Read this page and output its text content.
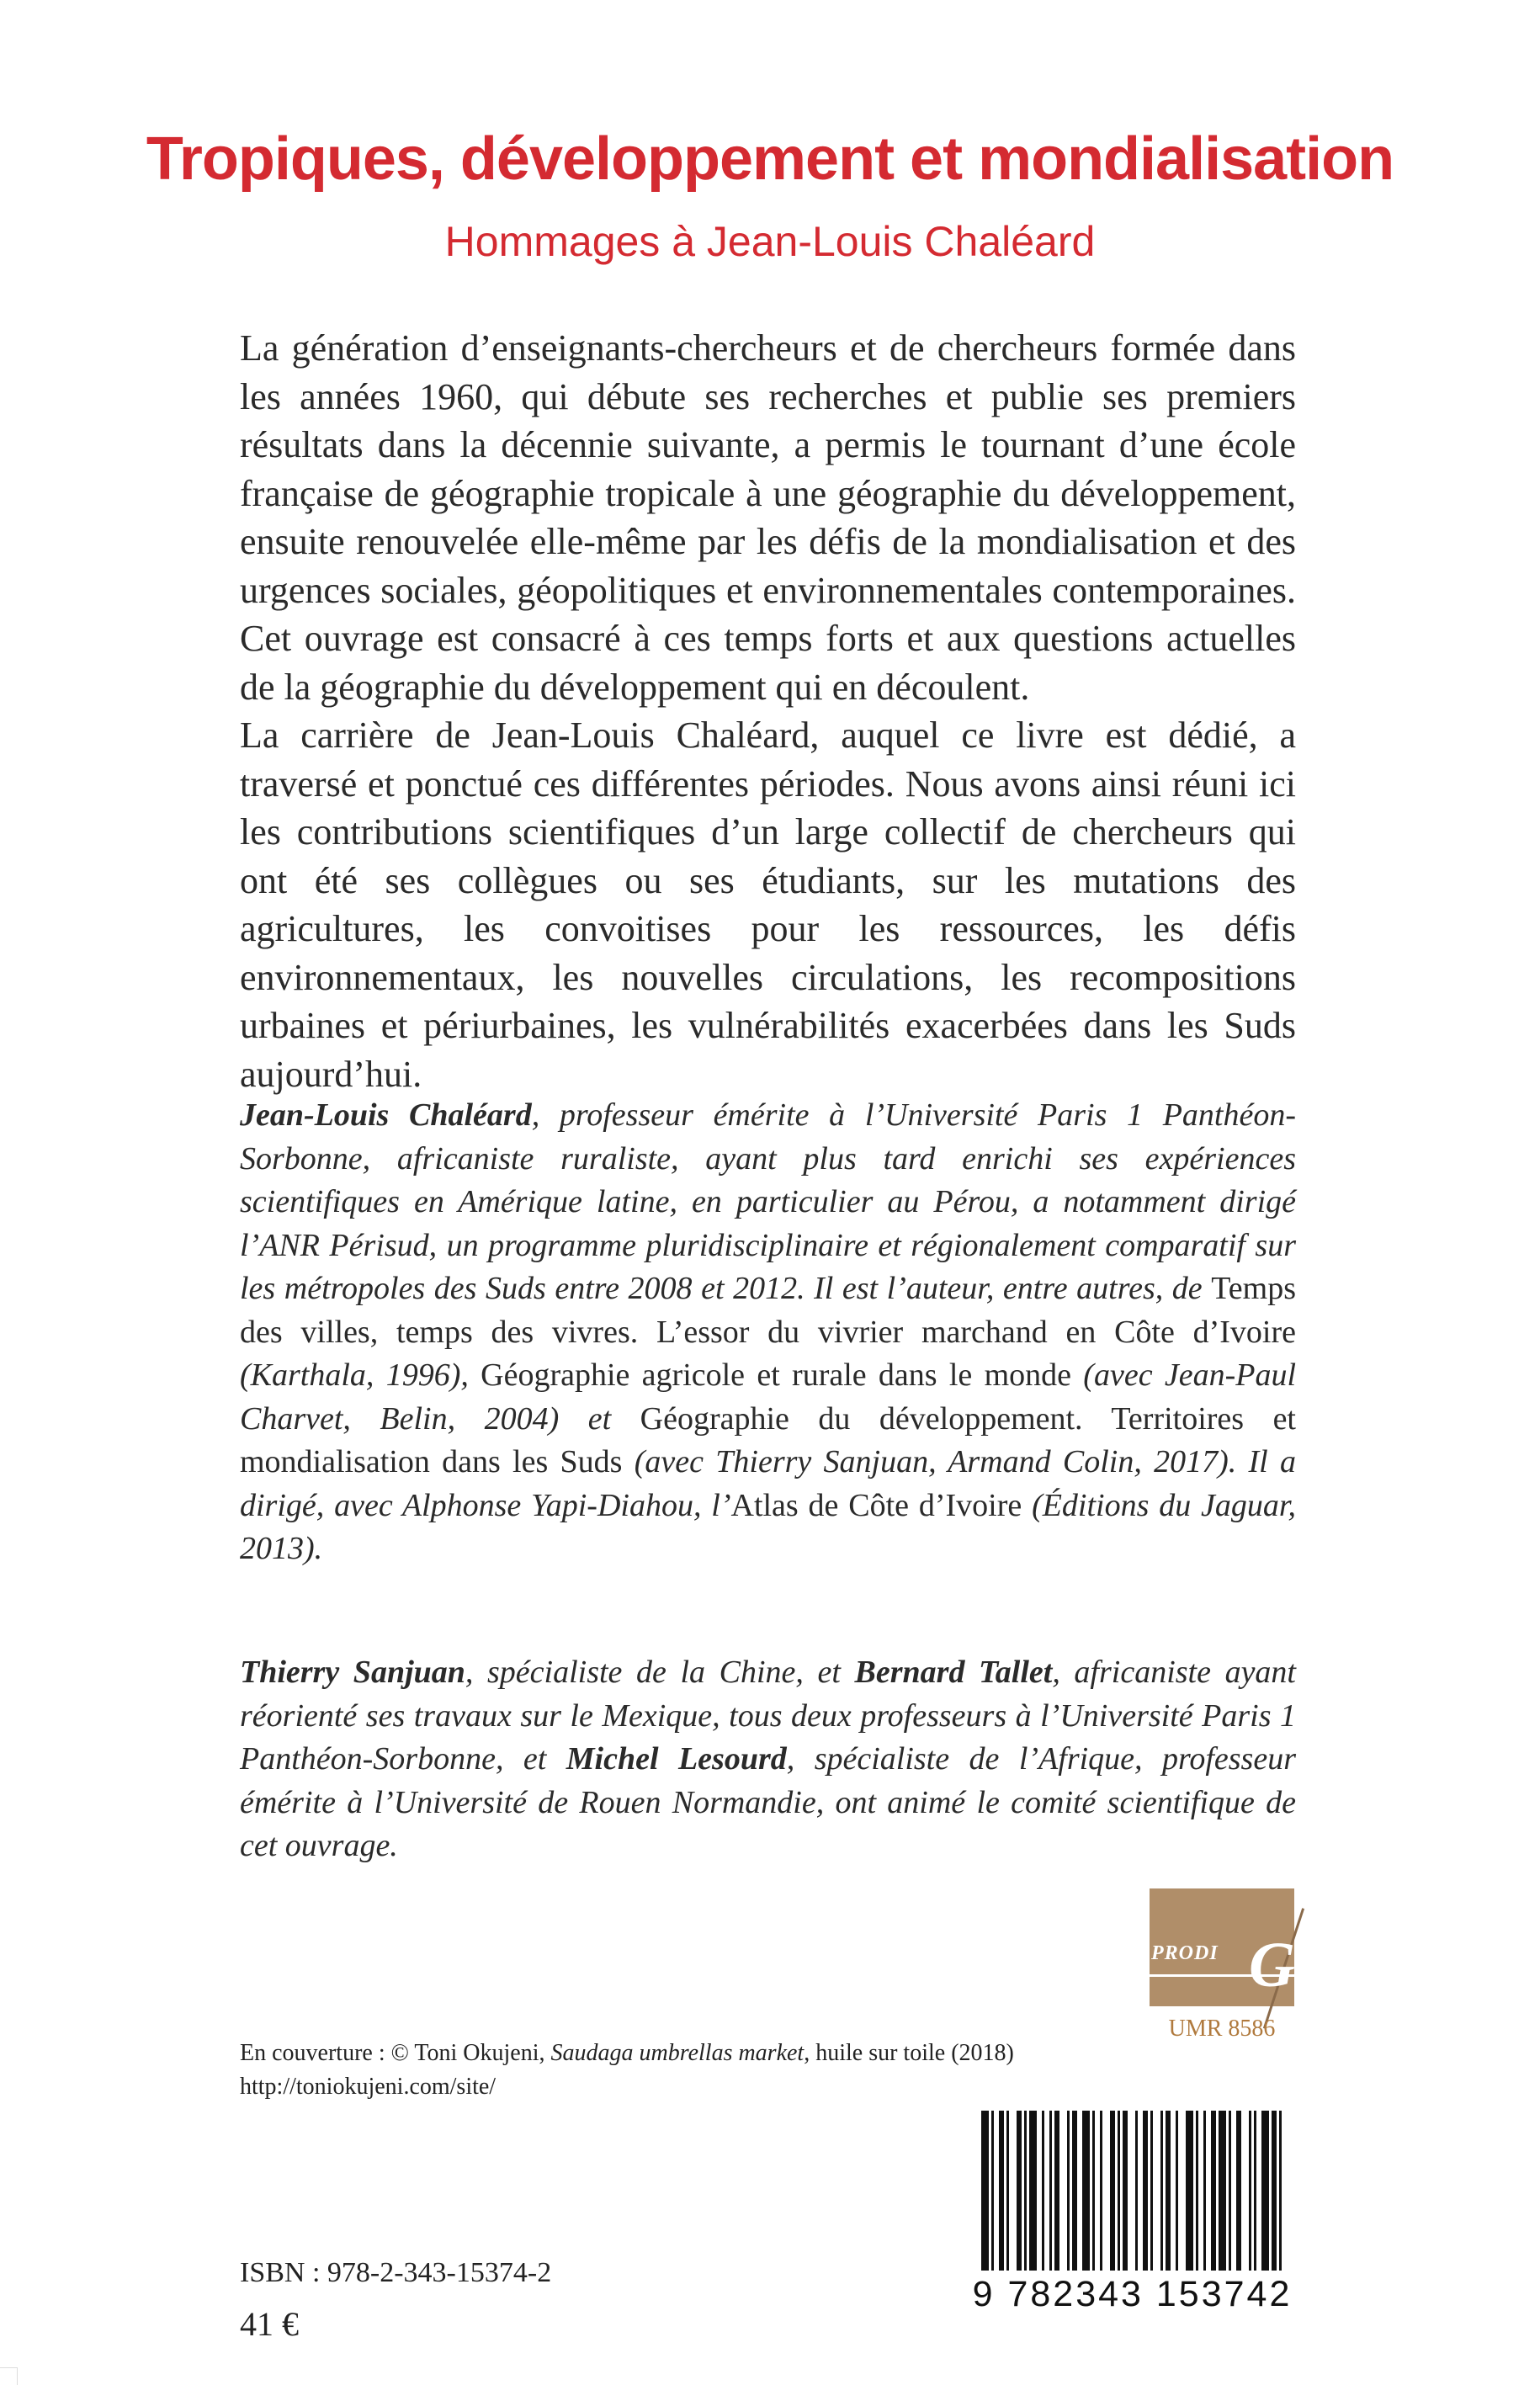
Tropiques, développement et mondialisation
Hommages à Jean-Louis Chaléard

La génération d’enseignants-chercheurs et de chercheurs formée dans les années 1960, qui débute ses recherches et publie ses premiers résultats dans la décennie suivante, a permis le tournant d’une école française de géographie tropicale à une géographie du développement, ensuite renouvelée elle-même par les défis de la mondialisation et des urgences sociales, géopolitiques et environnementales contemporaines. Cet ouvrage est consacré à ces temps forts et aux questions actuelles de la géographie du développement qui en découlent.

La carrière de Jean-Louis Chaléard, auquel ce livre est dédié, a traversé et ponctué ces différentes périodes. Nous avons ainsi réuni ici les contributions scientifiques d’un large collectif de chercheurs qui ont été ses collègues ou ses étudiants, sur les mutations des agricultures, les convoitises pour les ressources, les défis environnementaux, les nouvelles circulations, les recompositions urbaines et périurbaines, les vulnérabilités exacerbées dans les Suds aujourd’hui.

Jean-Louis Chaléard, professeur émérite à l’Université Paris 1 Panthéon-Sorbonne, africaniste ruraliste, ayant plus tard enrichi ses expériences scientifiques en Amérique latine, en particulier au Pérou, a notamment dirigé l’ANR Périsud, un programme pluridisciplinaire et régionalement comparatif sur les métropoles des Suds entre 2008 et 2012. Il est l’auteur, entre autres, de Temps des villes, temps des vivres. L’essor du vivrier marchand en Côte d’Ivoire (Karthala, 1996), Géographie agricole et rurale dans le monde (avec Jean-Paul Charvet, Belin, 2004) et Géographie du développement. Territoires et mondialisation dans les Suds (avec Thierry Sanjuan, Armand Colin, 2017). Il a dirigé, avec Alphonse Yapi-Diahou, l’Atlas de Côte d’Ivoire (Éditions du Jaguar, 2013).

Thierry Sanjuan, spécialiste de la Chine, et Bernard Tallet, africaniste ayant réorienté ses travaux sur le Mexique, tous deux professeurs à l’Université Paris 1 Panthéon-Sorbonne, et Michel Lesourd, spécialiste de l’Afrique, professeur émérite à l’Université de Rouen Normandie, ont animé le comité scientifique de cet ouvrage.

PRODI G
UMR 8586
En couverture : © Toni Okujeni, Saudaga umbrellas market, huile sur toile (2018)
http://toniokujeni.com/site/
ISBN : 978-2-343-15374-2
41 €
9 782343 153742
